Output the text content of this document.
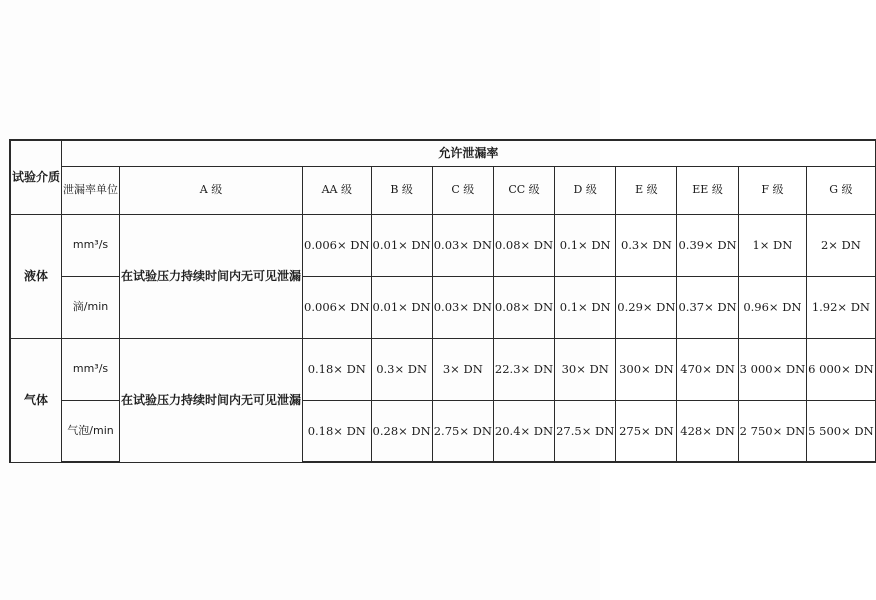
试验介质	允许泄漏率										
	泄漏率单位	A 级	AA 级	B 级	C 级	CC 级	D 级	E 级	EE 级	F 级	G 级
液体	mm³/s	在试验压力持续时间内无可见泄漏	0.006× DN	0.01× DN	0.03× DN	0.08× DN	0.1× DN	0.3× DN	0.39× DN	1× DN	2× DN
	滴/min		0.006× DN	0.01× DN	0.03× DN	0.08× DN	0.1× DN	0.29× DN	0.37× DN	0.96× DN	1.92× DN
气体	mm³/s	在试验压力持续时间内无可见泄漏	0.18× DN	0.3× DN	3× DN	22.3× DN	30× DN	300× DN	470× DN	3 000× DN	6 000× DN
	气泡/min		0.18× DN	0.28× DN	2.75× DN	20.4× DN	27.5× DN	275× DN	428× DN	2 750× DN	5 500× DN
